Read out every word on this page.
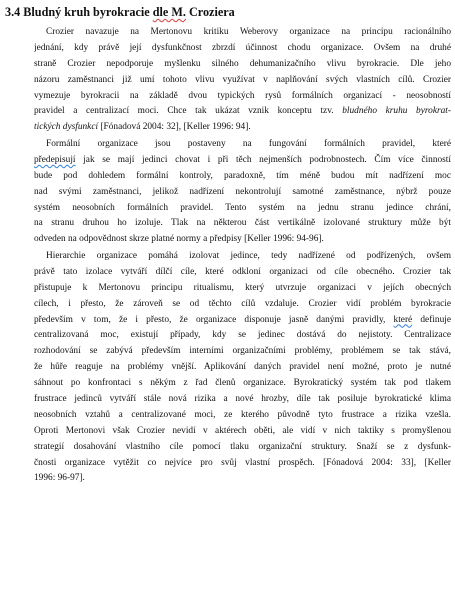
3.4 Bludný kruh byrokracie dle M. Croziera
Crozier navazuje na Mertonovu kritiku Weberovy organizace na principu racionálního
jednání, kdy právě její dysfunkčnost zbrzdí účinnost chodu organizace. Ovšem na druhé
straně Crozier nepodporuje myšlenku silného dehumanizačního vlivu byrokracie. Dle jeho
názoru zaměstnanci již umí tohoto vlivu využívat v naplňování svých vlastních cílů. Crozier
vymezuje byrokracii na základě dvou typických rysů formálních organizací - neosobností
pravidel a centralizací moci. Chce tak ukázat vznik konceptu tzv. bludného kruhu byrokrat-
tických dysfunkcí [Fónadová 2004: 32], [Keller 1996: 94].
Formální organizace jsou postaveny na fungování formálních pravidel, které
předepisují jak se mají jedinci chovat i při těch nejmenších podrobnostech. Čím více činností
bude pod dohledem formální kontroly, paradoxně, tím méně budou mít nadřízení moc
nad svými zaměstnanci, jelikož nadřízení nekontrolují samotné zaměstnance, nýbrž pouze
systém neosobních formálních pravidel. Tento systém na jednu stranu jedince chrání,
na stranu druhou ho izoluje. Tlak na některou část vertikálně izolované struktury může být
odveden na odpovědnost skrze platné normy a předpisy [Keller 1996: 94-96].
Hierarchie organizace pomáhá izolovat jedince, tedy nadřízené od podřízených, ovšem
právě tato izolace vytváří dílčí cíle, které odkloní organizaci od cíle obecného. Crozier tak
přistupuje k Mertonovu principu ritualismu, který utvrzuje organizaci v jejích obecných
cílech, i přesto, že zároveň se od těchto cílů vzdaluje. Crozier vidí problém byrokracie
především v tom, že i přesto, že organizace disponuje jasně danými pravidly, které definuje
centralizovaná moc, existují případy, kdy se jedinec dostává do nejistoty. Centralizace
rozhodování se zabývá především interními organizačními problémy, problémem se tak stává,
že hůře reaguje na problémy vnější. Aplikování daných pravidel není možné, proto je nutné
sáhnout po konfrontaci s někým z řad členů organizace. Byrokratický systém tak pod tlakem
frustrace jedinců vytváří stále nová rizika a nové hrozby, díle tak posiluje byrokratické klima
neosobních vztahů a centralizované moci, ze kterého původně tyto frustrace a rizika vzešla.
Oproti Mertonovi však Crozier nevidí v aktérech oběti, ale vidí v nich taktiky s promyšlenou
strategií dosahování vlastního cíle pomocí tlaku organizační struktury. Snaží se z dysfunk-
čnosti organizace vytěžit co nejvíce pro svůj vlastní prospěch. [Fónadová 2004: 33], [Keller
1996: 96-97].
